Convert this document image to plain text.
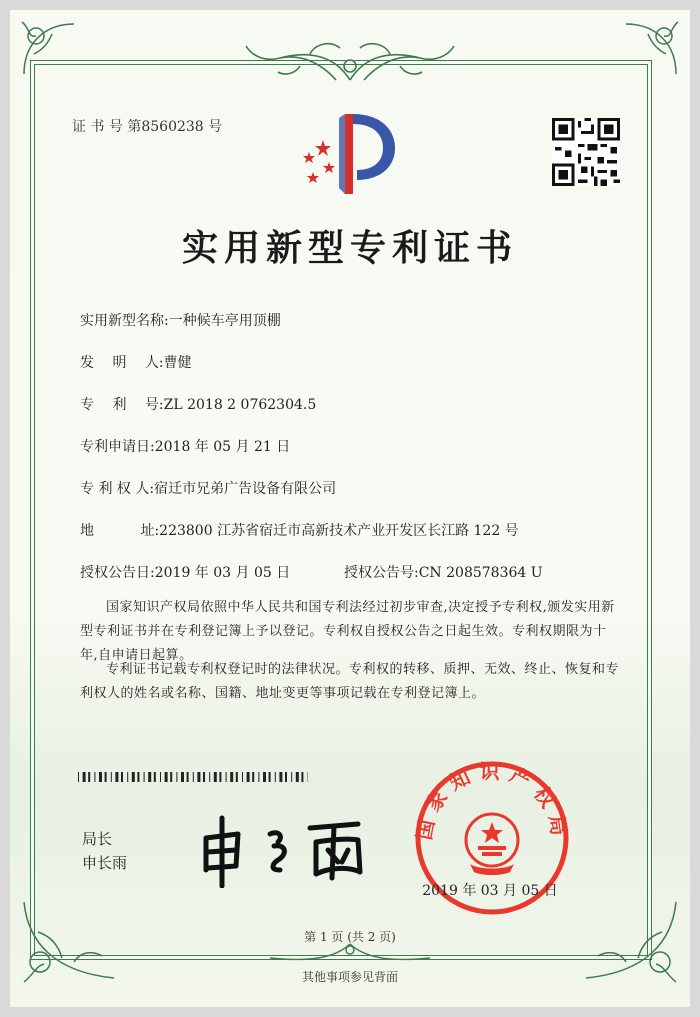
证 书 号 第8560238 号
实用新型专利证书
实用新型名称:一种候车亭用顶棚
发　 明　 人:曹健
专　 利　 号:ZL 2018 2 0762304.5
专利申请日:2018 年 05 月 21 日
专 利 权 人:宿迁市兄弟广告设备有限公司
地　　　 址:223800 江苏省宿迁市高新技术产业开发区长江路 122 号
授权公告日:2019 年 03 月 05 日	授权公告号:CN 208578364 U
国家知识产权局依照中华人民共和国专利法经过初步审查,决定授予专利权,颁发实用新型专利证书并在专利登记簿上予以登记。专利权自授权公告之日起生效。专利权期限为十年,自申请日起算。
专利证书记载专利权登记时的法律状况。专利权的转移、质押、无效、终止、恢复和专利权人的姓名或名称、国籍、地址变更等事项记载在专利登记簿上。
局长
申长雨
国家知识产权局
2019 年 03 月 05 日
第 1 页 (共 2 页)
其他事项参见背面
